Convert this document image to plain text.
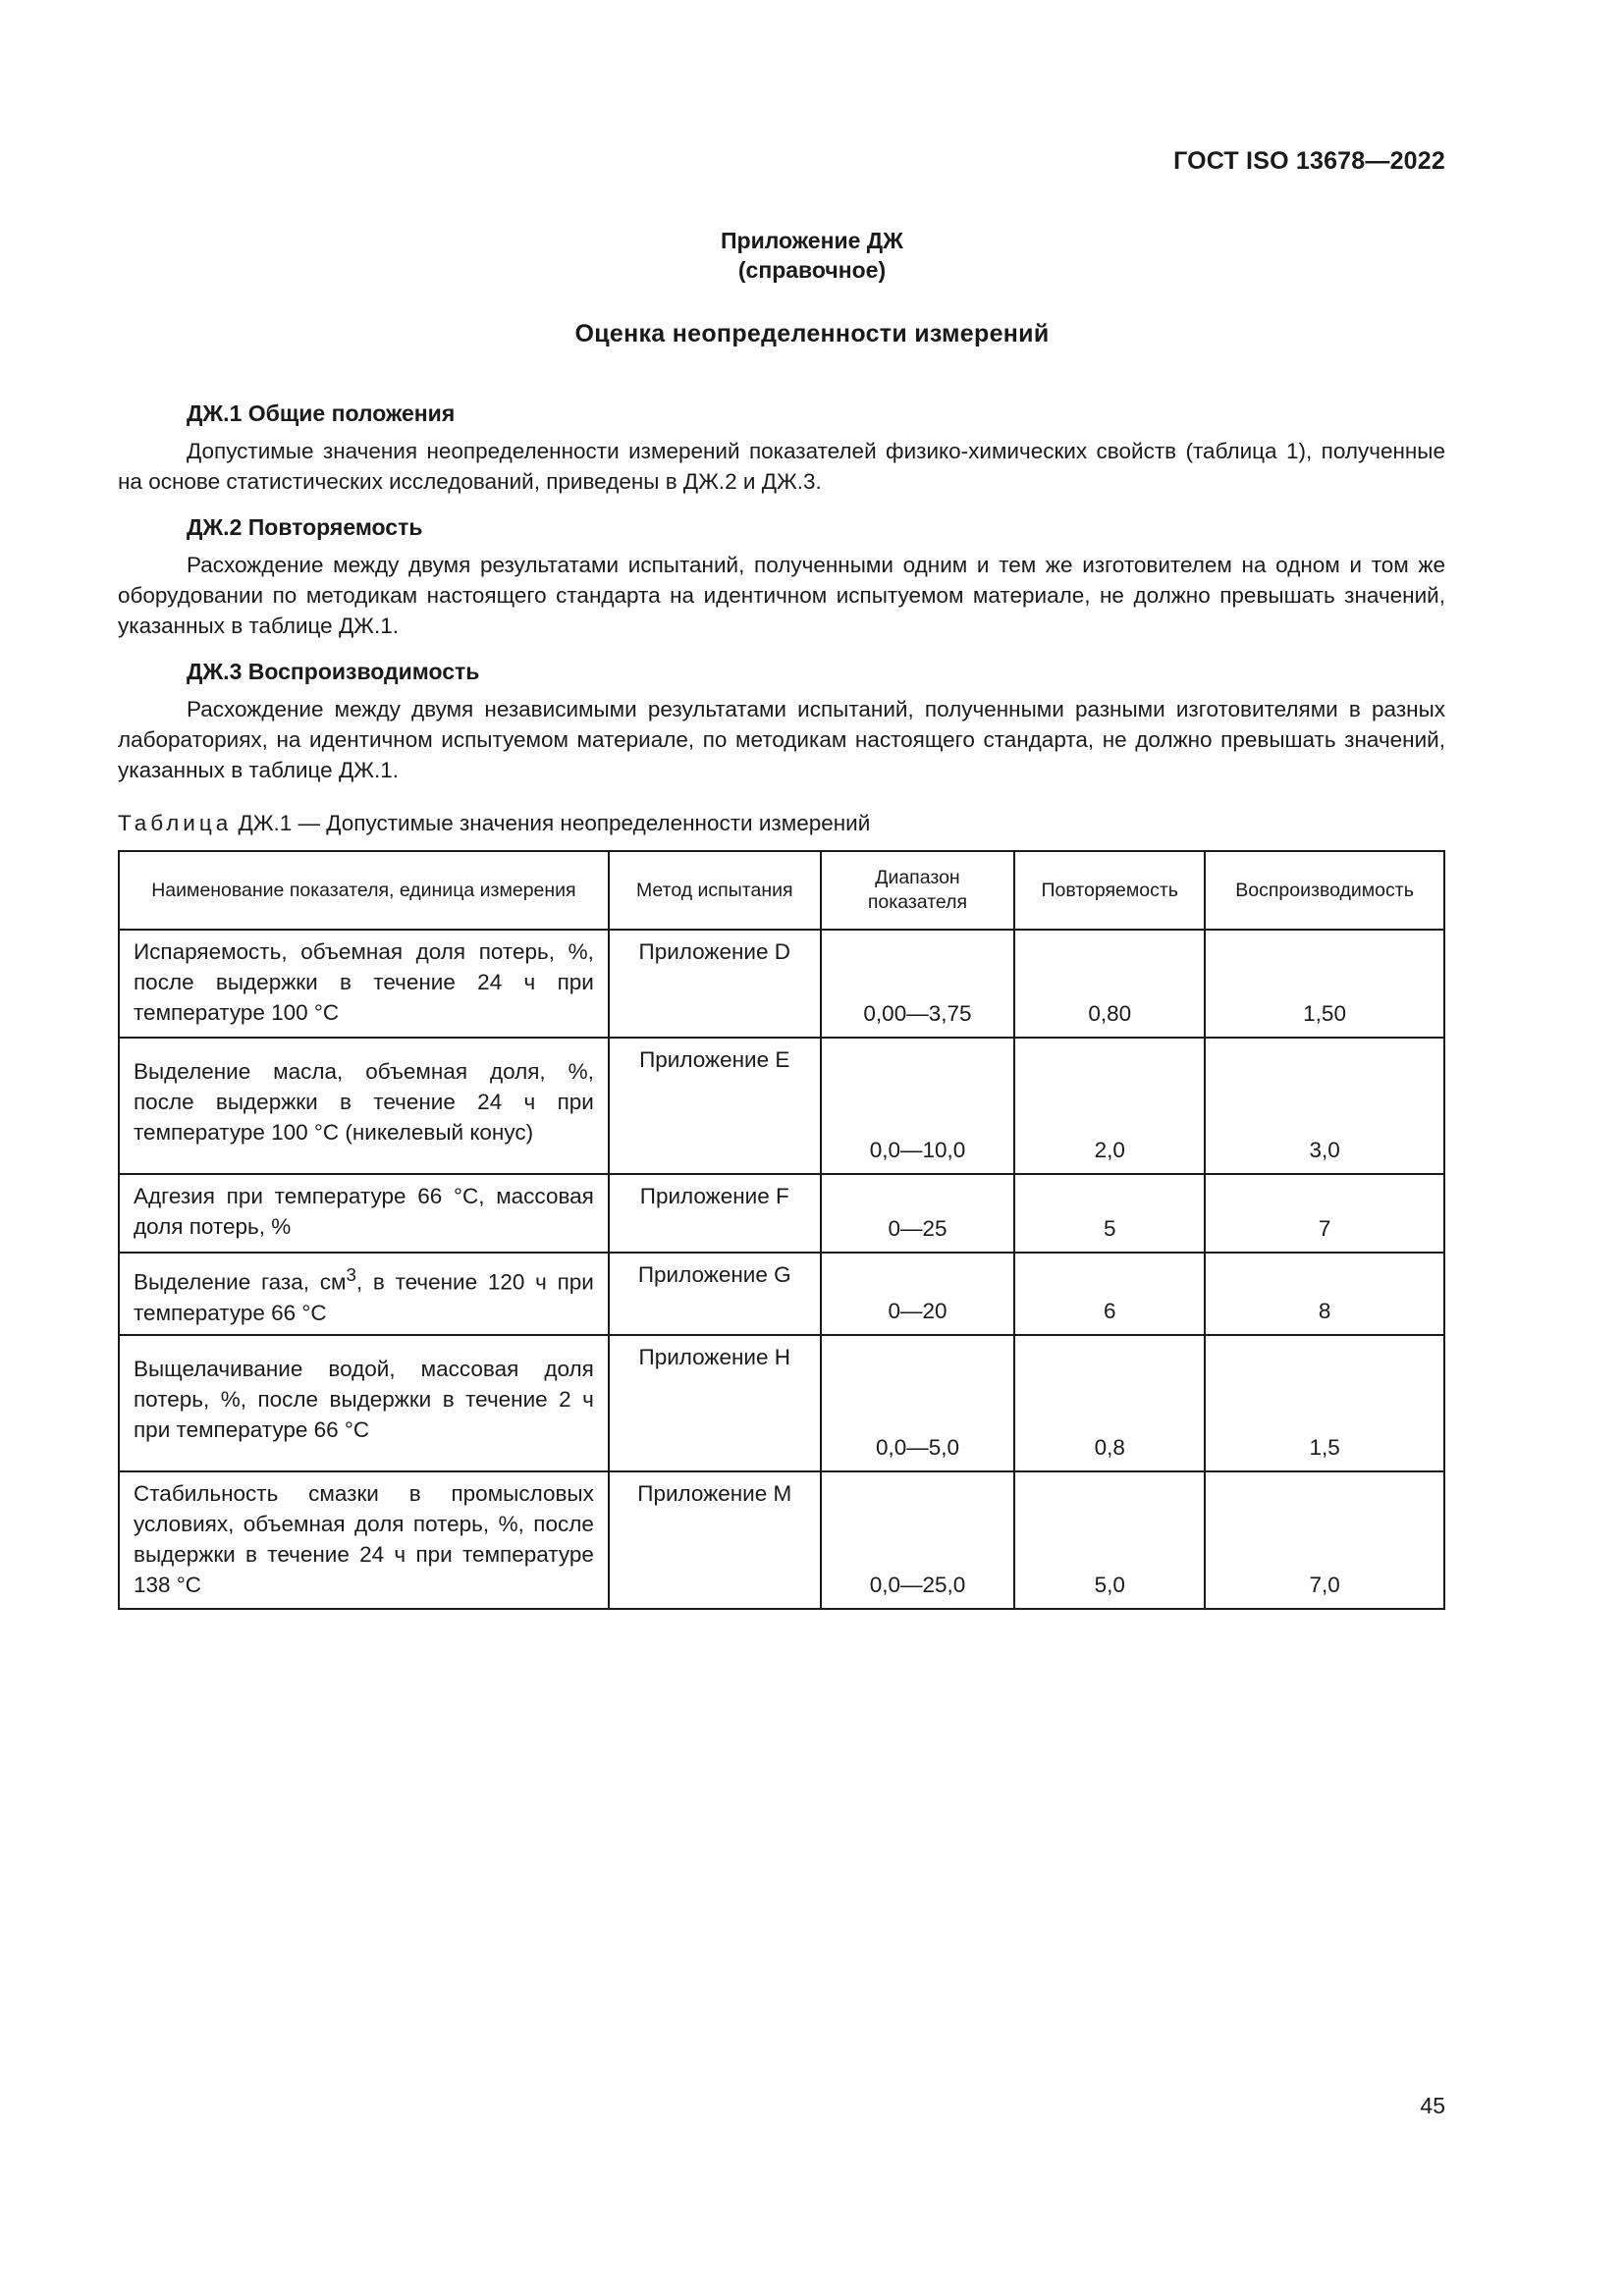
ГОСТ ISO 13678—2022
Приложение ДЖ
(справочное)
Оценка неопределенности измерений
ДЖ.1 Общие положения

Допустимые значения неопределенности измерений показателей физико-химических свойств (таблица 1), полученные на основе статистических исследований, приведены в ДЖ.2 и ДЖ.3.

ДЖ.2 Повторяемость

Расхождение между двумя результатами испытаний, полученными одним и тем же изготовителем на одном и том же оборудовании по методикам настоящего стандарта на идентичном испытуемом материале, не должно превышать значений, указанных в таблице ДЖ.1.

ДЖ.3 Воспроизводимость

Расхождение между двумя независимыми результатами испытаний, полученными разными изготовителями в разных лабораториях, на идентичном испытуемом материале, по методикам настоящего стандарта, не должно превышать значений, указанных в таблице ДЖ.1.

Таблица ДЖ.1 — Допустимые значения неопределенности измерений
Наименование показателя, единица измерения	Метод испытания	Диапазон показателя	Повторяемость	Воспроизводимость
Испаряемость, объемная доля потерь, %, после выдержки в течение 24 ч при температуре 100 °С	Приложение D	0,00—3,75	0,80	1,50
Выделение масла, объемная доля, %, после выдержки в течение 24 ч при температуре 100 °С (никелевый конус)	Приложение E	0,0—10,0	2,0	3,0
Адгезия при температуре 66 °С, массовая доля потерь, %	Приложение F	0—25	5	7
Выделение газа, $см^3$, в течение 120 ч при температуре 66 °С	Приложение G	0—20	6	8
Выщелачивание водой, массовая доля потерь, %, после выдержки в течение 2 ч при температуре 66 °С	Приложение H	0,0—5,0	0,8	1,5
Стабильность смазки в промысловых условиях, объемная доля потерь, %, после выдержки в течение 24 ч при температуре 138 °С	Приложение M	0,0—25,0	5,0	7,0
45
